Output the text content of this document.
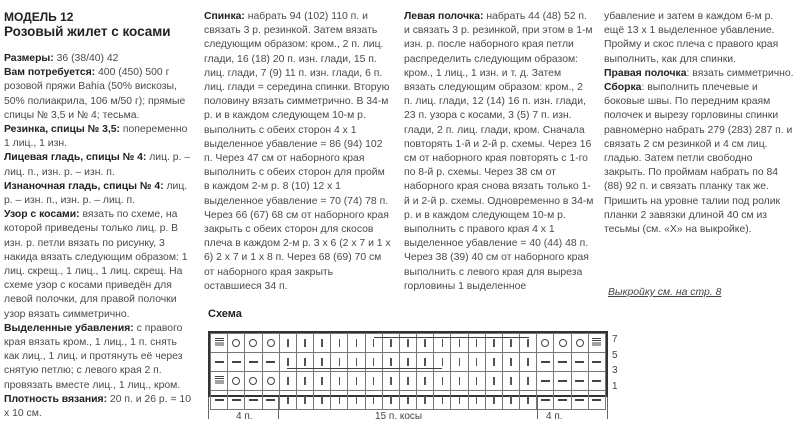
МОДЕЛЬ 12

Розовый жилет с косами

Размеры: 36 (38/40) 42

Вам потребуется: 400 (450) 500 г розовой пряжи Bahia (50% вискозы, 50% полиакрила, 106 м/50 г); прямые спицы № 3,5 и № 4; тесьма.

Резинка, спицы № 3,5: попеременно 1 лиц., 1 изн.

Лицевая гладь, спицы № 4: лиц. р. – лиц. п., изн. р. – изн. п.

Изнаночная гладь, спицы № 4: лиц. р. – изн. п., изн. р. – лиц. п.

Узор с косами: вязать по схеме, на которой приведены только лиц. р. В изн. р. петли вязать по рисунку, 3 накида вязать следующим образом: 1 лиц. скрещ., 1 лиц., 1 лиц. скрещ. На схеме узор с косами приведён для левой полочки, для правой полочки узор вязать симметрично.

Выделенные убавления: с правого края вязать кром., 1 лиц., 1 п. снять как лиц., 1 лиц. и протянуть её через снятую петлю; с левого края 2 п. провязать вместе лиц., 1 лиц., кром.

Плотность вязания: 20 п. и 26 р. = 10 х 10 см.

Спинка: набрать 94 (102) 110 п. и связать 3 р. резинкой. Затем вязать следующим образом: кром., 2 п. лиц. глади, 16 (18) 20 п. изн. глади, 15 п. лиц. глади, 7 (9) 11 п. изн. глади, 6 п. лиц. глади = середина спинки. Вторую половину вязать симметрично. В 34-м р. и в каждом следующем 10-м р. выполнить с обеих сторон 4 х 1 выделенное убавление = 86 (94) 102 п. Через 47 см от наборного края выполнить с обеих сторон для пройм в каждом 2-м р. 8 (10) 12 х 1 выделенное убавление = 70 (74) 78 п. Через 66 (67) 68 см от наборного края закрыть с обеих сторон для скосов плеча в каждом 2-м р. 3 х 6 (2 х 7 и 1 х 6) 2 х 7 и 1 х 8 п. Через 68 (69) 70 см от наборного края закрыть оставшиеся 34 п.

Левая полочка: набрать 44 (48) 52 п. и связать 3 р. резинкой, при этом в 1-м изн. р. после наборного края петли распределить следующим образом: кром., 1 лиц., 1 изн. и т. д. Затем вязать следующим образом: кром., 2 п. лиц. глади, 12 (14) 16 п. изн. глади, 23 п. узора с косами, 3 (5) 7 п. изн. глади, 2 п. лиц. глади, кром. Сначала повторять 1-й и 2-й р. схемы. Через 16 см от наборного края повторять с 1-го по 8-й р. схемы. Через 38 см от наборного края снова вязать только 1-й и 2-й р. схемы. Одновременно в 34-м р. и в каждом следующем 10-м р. выполнить с правого края 4 х 1 выделенное убавление = 40 (44) 48 п. Через 38 (39) 40 см от наборного края выполнить с левого края для выреза горловины 1 выделенное

убавление и затем в каждом 6-м р. ещё 13 х 1 выделенное убавление. Пройму и скос плеча с правого края выполнить, как для спинки.

Правая полочка: вязать симметрично.

Сборка: выполнить плечевые и боковые швы. По передним краям полочек и вырезу горловины спинки равномерно набрать 279 (283) 287 п. и связать 2 см резинкой и 4 см лиц. гладью. Затем петли свободно закрыть. По проймам набрать по 84 (88) 92 п. и связать планку так же. Пришить на уровне талии под ролик планки 2 завязки длиной 40 см из тесьмы (см. «Х» на выкройке).

Выкройку см. на стр. 8
Схема

7
5
3
1
4 п.	15 п. косы	4 п.
